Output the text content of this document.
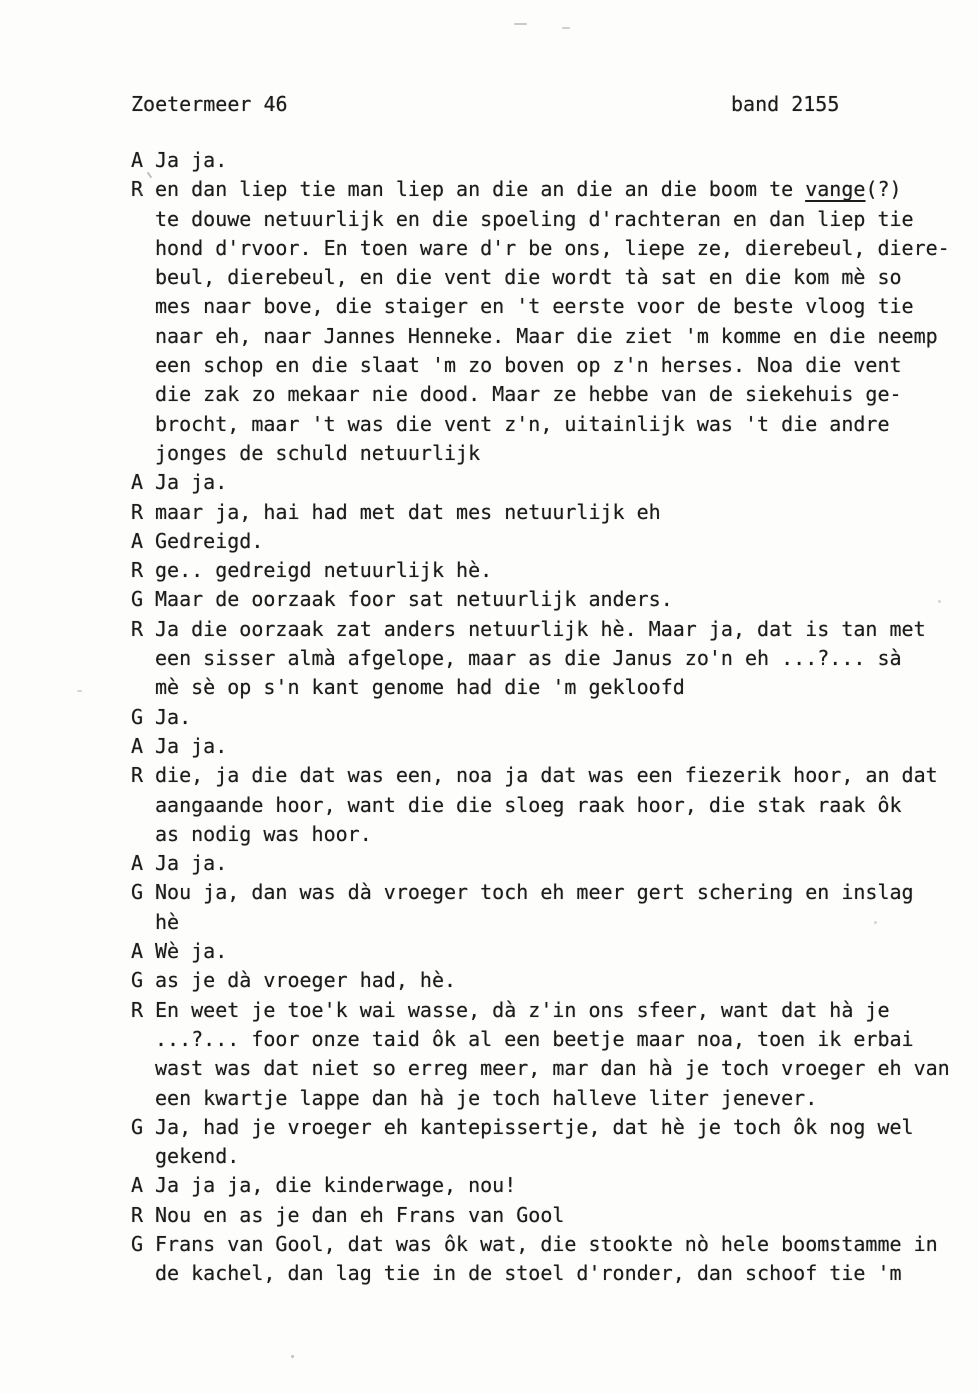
Zoetermeer 46	band 2155
A Ja ja.
R en dan liep tie man liep an die an die an die boom te vange(?)
te douwe netuurlijk en die spoeling d'rachteran en dan liep tie
hond d'rvoor. En toen ware d'r be ons, liepe ze, dierebeul, diere-
beul, dierebeul, en die vent die wordt tà sat en die kom mè so
mes naar bove, die staiger en 't eerste voor de beste vloog tie
naar eh, naar Jannes Henneke. Maar die ziet 'm komme en die neemp
een schop en die slaat 'm zo boven op z'n herses. Noa die vent
die zak zo mekaar nie dood. Maar ze hebbe van de siekehuis ge-
brocht, maar 't was die vent z'n, uitainlijk was 't die andre
jonges de schuld netuurlijk
A Ja ja.
R maar ja, hai had met dat mes netuurlijk eh
A Gedreigd.
R ge.. gedreigd netuurlijk hè.
G Maar de oorzaak foor sat netuurlijk anders.
R Ja die oorzaak zat anders netuurlijk hè. Maar ja, dat is tan met
een sisser almà afgelope, maar as die Janus zo'n eh ...?... sà
mè sè op s'n kant genome had die 'm gekloofd
G Ja.
A Ja ja.
R die, ja die dat was een, noa ja dat was een fiezerik hoor, an dat
aangaande hoor, want die die sloeg raak hoor, die stak raak ôk
as nodig was hoor.
A Ja ja.
G Nou ja, dan was dà vroeger toch eh meer gert schering en inslag
hè
A Wè ja.
G as je dà vroeger had, hè.
R En weet je toe'k wai wasse, dà z'in ons sfeer, want dat hà je
...?... foor onze taid ôk al een beetje maar noa, toen ik erbai
wast was dat niet so erreg meer, mar dan hà je toch vroeger eh van
een kwartje lappe dan hà je toch halleve liter jenever.
G Ja, had je vroeger eh kantepissertje, dat hè je toch ôk nog wel
gekend.
A Ja ja ja, die kinderwage, nou!
R Nou en as je dan eh Frans van Gool
G Frans van Gool, dat was ôk wat, die stookte nò hele boomstamme in
de kachel, dan lag tie in de stoel d'ronder, dan schoof tie 'm
